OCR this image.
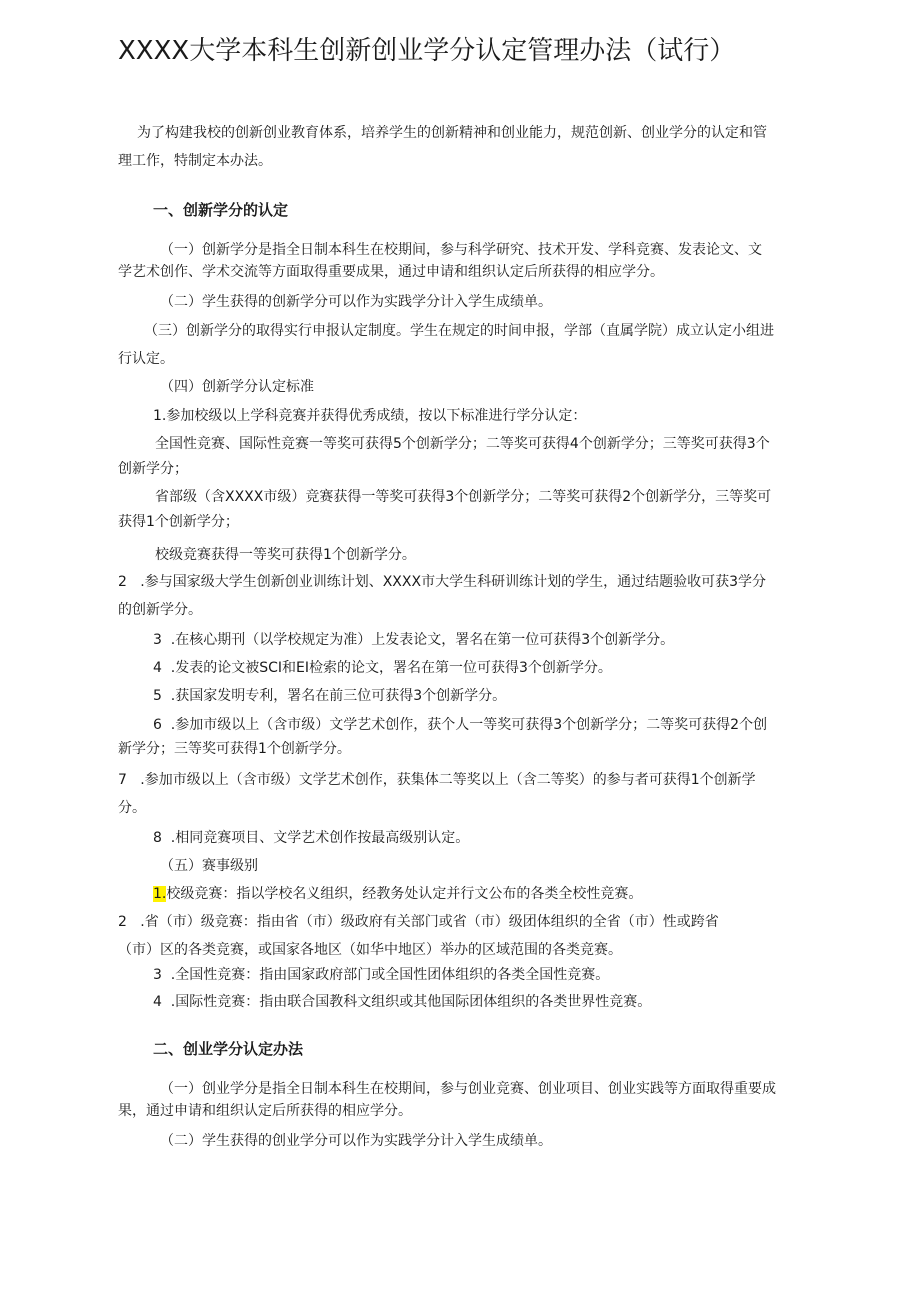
XXXX大学本科生创新创业学分认定管理办法（试行）
为了构建我校的创新创业教育体系，培养学生的创新精神和创业能力，规范创新、创业学分的认定和管
理工作，特制定本办法。
一、创新学分的认定
（一）创新学分是指全日制本科生在校期间，参与科学研究、技术开发、学科竞赛、发表论文、文
学艺术创作、学术交流等方面取得重要成果，通过申请和组织认定后所获得的相应学分。
（二）学生获得的创新学分可以作为实践学分计入学生成绩单。
（三）创新学分的取得实行申报认定制度。学生在规定的时间申报，学部（直属学院）成立认定小组进
行认定。
（四）创新学分认定标准
1.参加校级以上学科竞赛并获得优秀成绩，按以下标准进行学分认定：
全国性竞赛、国际性竞赛一等奖可获得5个创新学分；二等奖可获得4个创新学分；三等奖可获得3个
创新学分；
省部级（含XXXX市级）竞赛获得一等奖可获得3个创新学分；二等奖可获得2个创新学分，三等奖可
获得1个创新学分；
校级竞赛获得一等奖可获得1个创新学分。
2   .参与国家级大学生创新创业训练计划、XXXX市大学生科研训练计划的学生，通过结题验收可获3学分
的创新学分。
3  .在核心期刊（以学校规定为准）上发表论文，署名在第一位可获得3个创新学分。
4  .发表的论文被SCI和EI检索的论文，署名在第一位可获得3个创新学分。
5  .获国家发明专利，署名在前三位可获得3个创新学分。
6  .参加市级以上（含市级）文学艺术创作，获个人一等奖可获得3个创新学分；二等奖可获得2个创
新学分；三等奖可获得1个创新学分。
7   .参加市级以上（含市级）文学艺术创作，获集体二等奖以上（含二等奖）的参与者可获得1个创新学
分。
8  .相同竞赛项目、文学艺术创作按最高级别认定。
（五）赛事级别
1.校级竞赛：指以学校名义组织，经教务处认定并行文公布的各类全校性竞赛。
2   .省（市）级竞赛：指由省（市）级政府有关部门或省（市）级团体组织的全省（市）性或跨省
（市）区的各类竞赛，或国家各地区（如华中地区）举办的区域范围的各类竞赛。
3  .全国性竞赛：指由国家政府部门或全国性团体组织的各类全国性竞赛。
4  .国际性竞赛：指由联合国教科文组织或其他国际团体组织的各类世界性竞赛。
二、创业学分认定办法
（一）创业学分是指全日制本科生在校期间，参与创业竞赛、创业项目、创业实践等方面取得重要成
果，通过申请和组织认定后所获得的相应学分。
（二）学生获得的创业学分可以作为实践学分计入学生成绩单。
